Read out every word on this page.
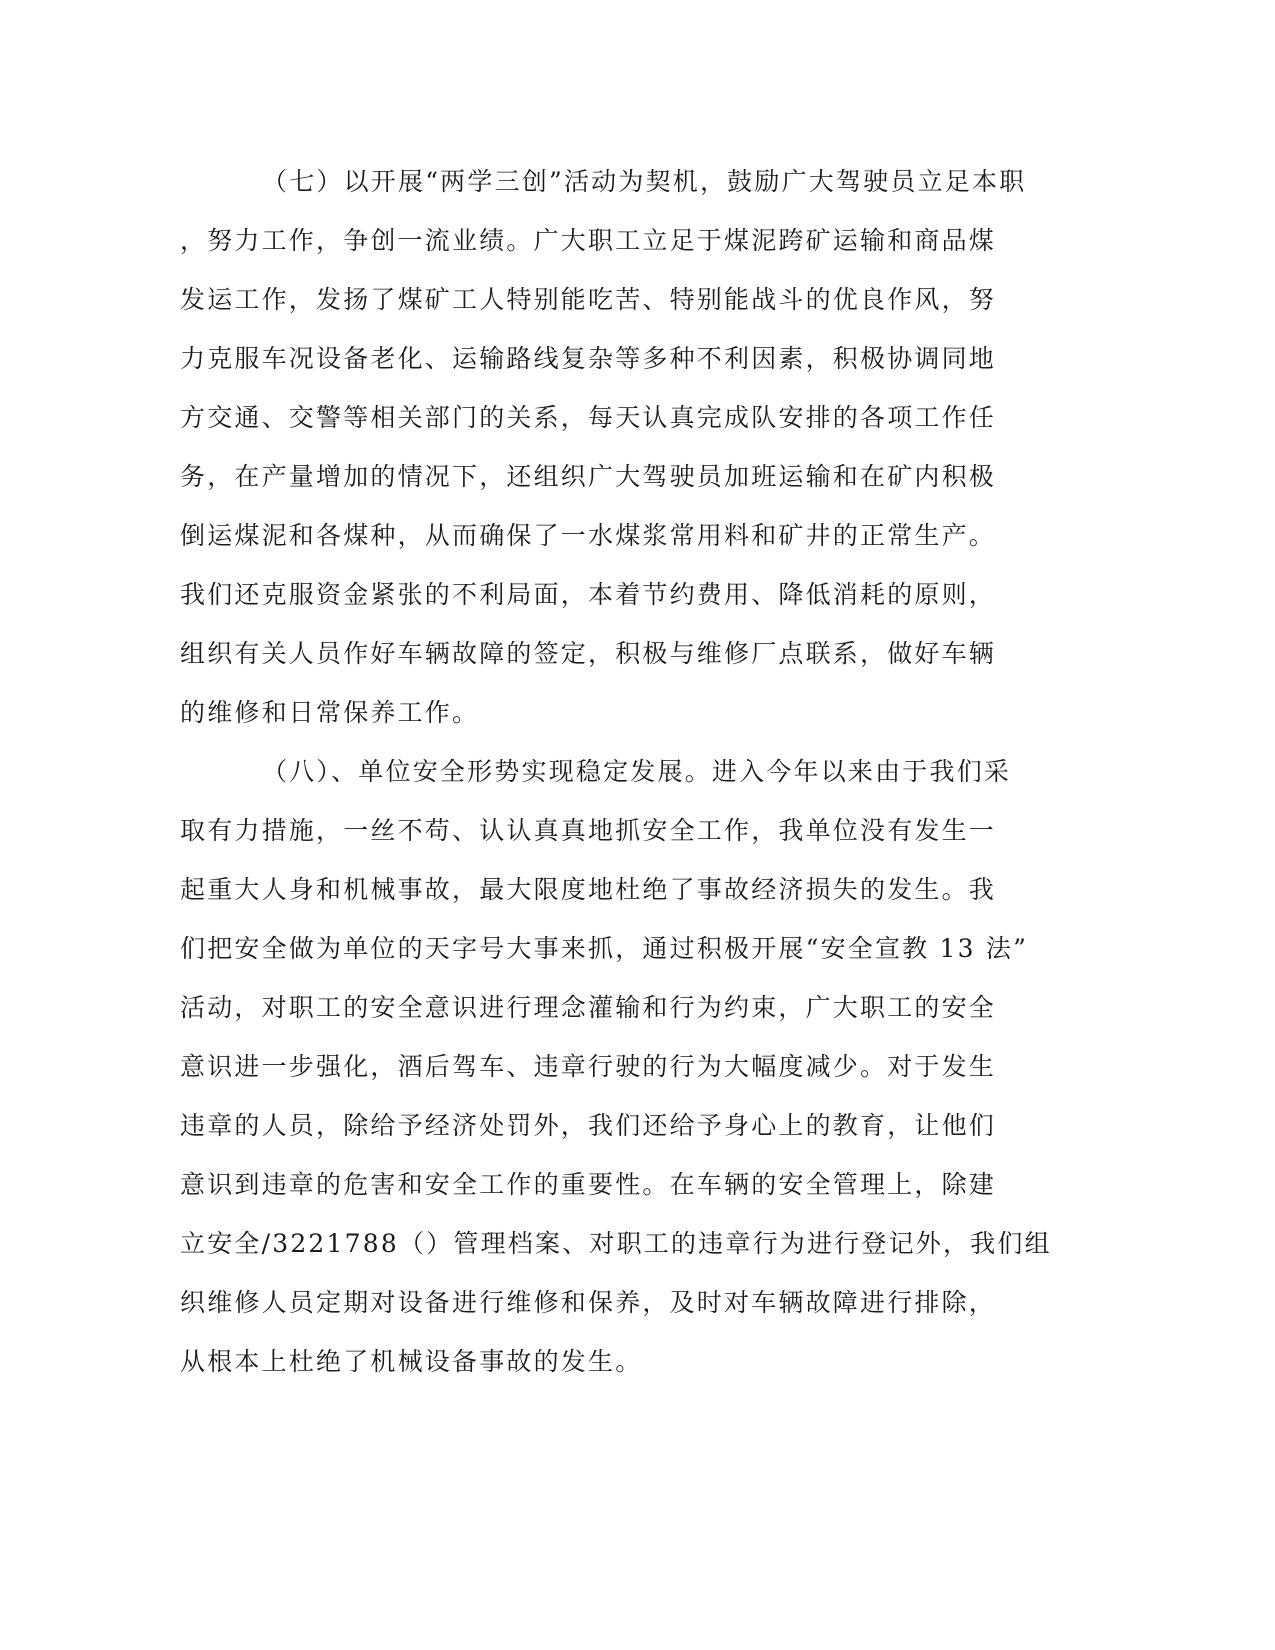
（七）以开展“两学三创”活动为契机，鼓励广大驾驶员立足本职
，努力工作，争创一流业绩。广大职工立足于煤泥跨矿运输和商品煤
发运工作，发扬了煤矿工人特别能吃苦、特别能战斗的优良作风，努
力克服车况设备老化、运输路线复杂等多种不利因素，积极协调同地
方交通、交警等相关部门的关系，每天认真完成队安排的各项工作任
务，在产量增加的情况下，还组织广大驾驶员加班运输和在矿内积极
倒运煤泥和各煤种，从而确保了一水煤浆常用料和矿井的正常生产。
我们还克服资金紧张的不利局面，本着节约费用、降低消耗的原则，
组织有关人员作好车辆故障的签定，积极与维修厂点联系，做好车辆
的维修和日常保养工作。
（八）、单位安全形势实现稳定发展。进入今年以来由于我们采
取有力措施，一丝不苟、认认真真地抓安全工作，我单位没有发生一
起重大人身和机械事故，最大限度地杜绝了事故经济损失的发生。我
们把安全做为单位的天字号大事来抓，通过积极开展“安全宣教 13 法”
活动，对职工的安全意识进行理念灌输和行为约束，广大职工的安全
意识进一步强化，酒后驾车、违章行驶的行为大幅度减少。对于发生
违章的人员，除给予经济处罚外，我们还给予身心上的教育，让他们
意识到违章的危害和安全工作的重要性。在车辆的安全管理上，除建
立安全/3221788（）管理档案、对职工的违章行为进行登记外，我们组
织维修人员定期对设备进行维修和保养，及时对车辆故障进行排除，
从根本上杜绝了机械设备事故的发生。
